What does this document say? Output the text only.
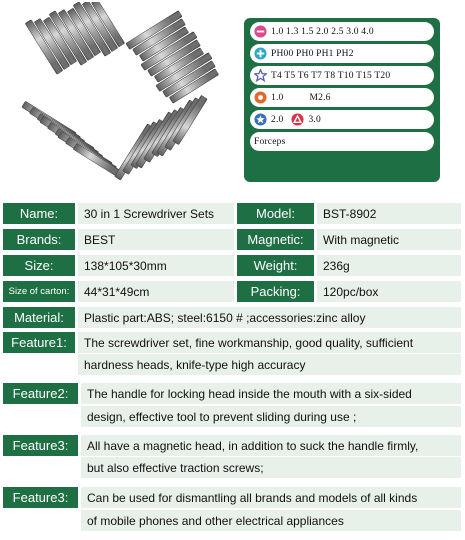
1.0 1.3 1.5 2.0 2.5 3.0 4.0
PH00 PH0 PH1 PH2
T4 T5 T6 T7 T8 T10 T15 T20
1.0	M2.6
2.0	3.0
Forceps
Name:	30 in 1 Screwdriver Sets	Model:	BST-8902
Brands:	BEST	Magnetic:	With magnetic
Size:	138*105*30mm	Weight:	236g
Size of carton:	44*31*49cm	Packing:	120pc/box
Material:	Plastic part:ABS; steel:6150 # ;accessories:zinc alloy
Feature1:	The screwdriver set, fine workmanship, good quality, sufficient
hardness heads, knife-type high accuracy
Feature2:	The handle for locking head inside the mouth with a six-sided
design, effective tool to prevent sliding during use ;
Feature3:	All have a magnetic head, in addition to suck the handle firmly,
but also effective traction screws;
Feature3:	Can be used for dismantling all brands and models of all kinds
of mobile phones and other electrical appliances
